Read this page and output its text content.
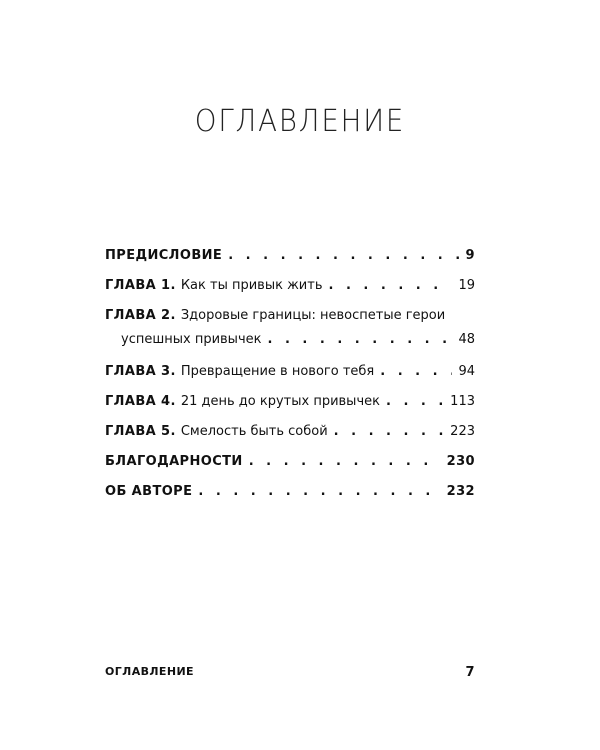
ОГЛАВЛЕНИЕ
ПРЕДИСЛОВИЕ . . .	9
ГЛАВА 1. Как ты привык жить . . .	19
ГЛАВА 2. Здоровые границы: невоспетые герои
успешных привычек . . .	48
ГЛАВА 3. Превращение в нового тебя . . .	94
ГЛАВА 4. 21 день до крутых привычек . . .	113
ГЛАВА 5. Смелость быть собой . . .	223
БЛАГОДАРНОСТИ . . .	230
ОБ АВТОРЕ . . .	232
ОГЛАВЛЕНИЕ	7
